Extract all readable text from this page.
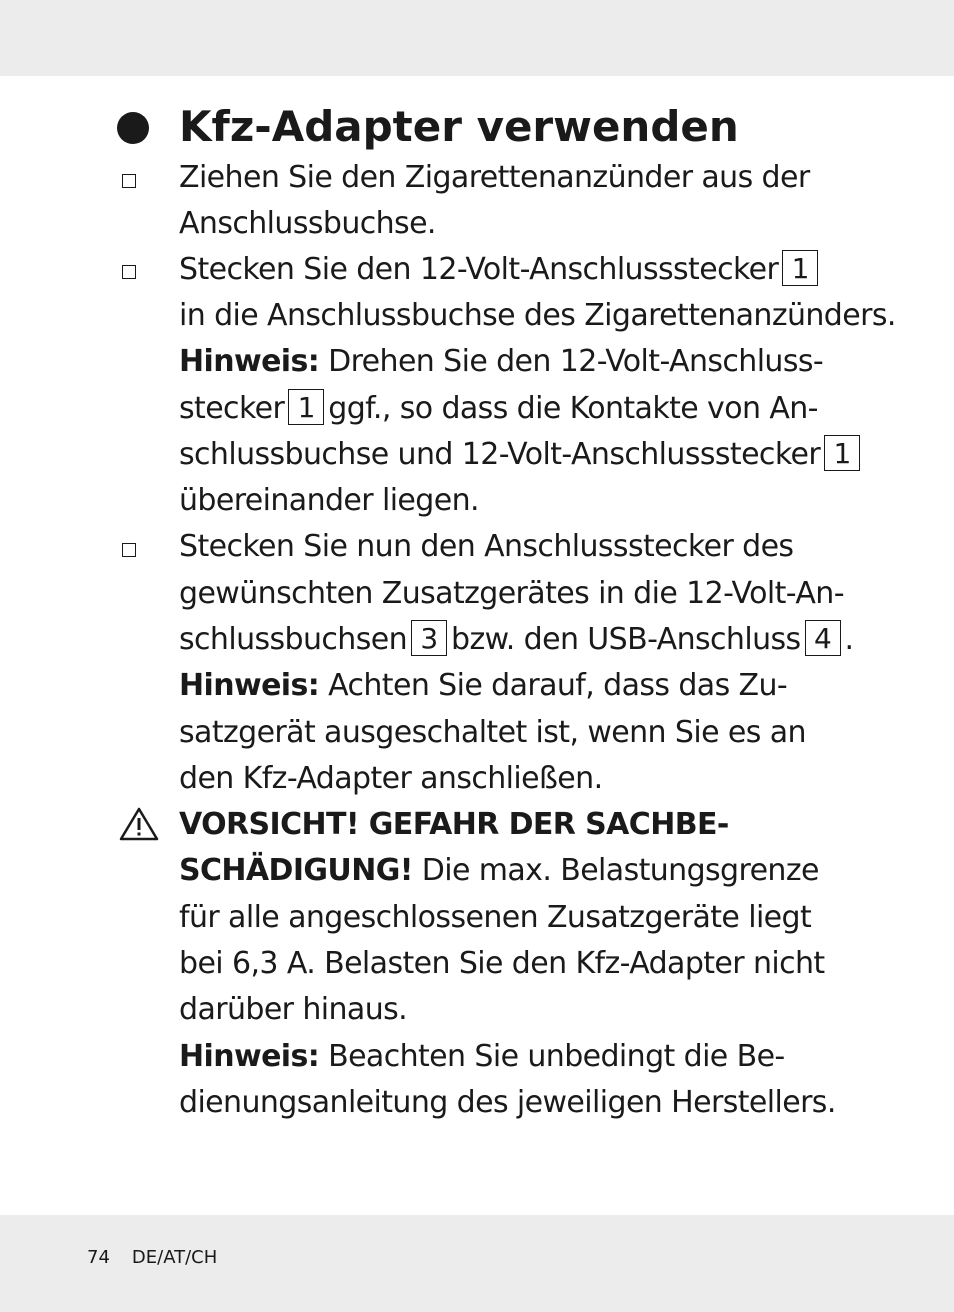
Kfz-Adapter verwenden
Ziehen Sie den Zigarettenanzünder aus der
Anschlussbuchse.
Stecken Sie den 12-Volt-Anschlussstecker 1
in die Anschlussbuchse des Zigarettenanzünders.
Hinweis: Drehen Sie den 12-Volt-Anschluss-
stecker 1 ggf., so dass die Kontakte von An-
schlussbuchse und 12-Volt-Anschlussstecker 1
übereinander liegen.
Stecken Sie nun den Anschlussstecker des
gewünschten Zusatzgerätes in die 12-Volt-An-
schlussbuchsen 3 bzw. den USB-Anschluss 4 .
Hinweis: Achten Sie darauf, dass das Zu-
satzgerät ausgeschaltet ist, wenn Sie es an
den Kfz-Adapter anschließen.
VORSICHT! GEFAHR DER SACHBE-
SCHÄDIGUNG! Die max. Belastungsgrenze
für alle angeschlossenen Zusatzgeräte liegt
bei 6,3 A. Belasten Sie den Kfz-Adapter nicht
darüber hinaus.
Hinweis: Beachten Sie unbedingt die Be-
dienungsanleitung des jeweiligen Herstellers.
74 DE/AT/CH
